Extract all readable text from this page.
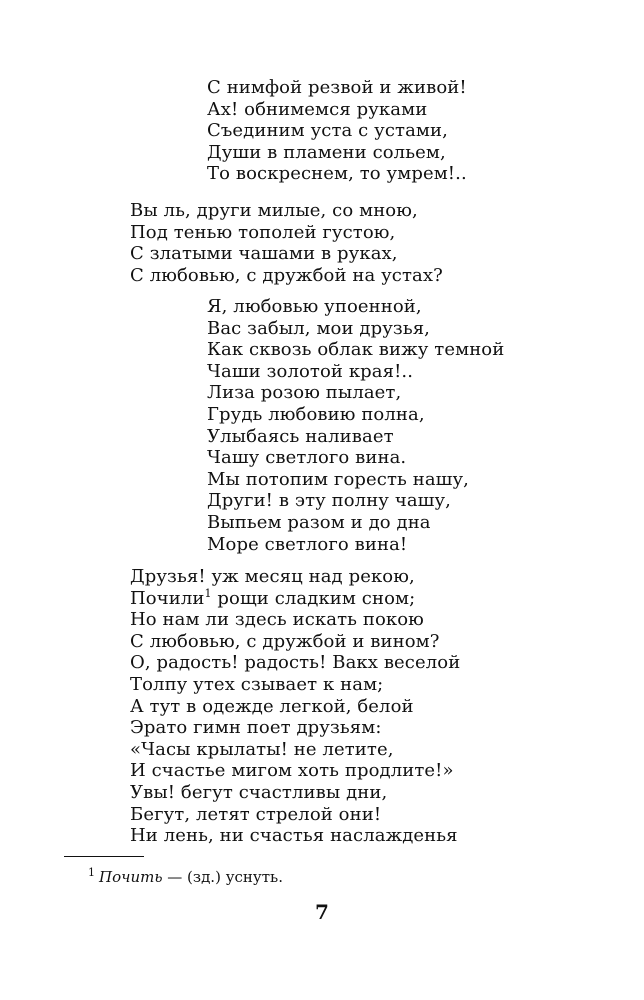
С нимфой резвой и живой!
Ах! обнимемся руками
Съединим уста с устами,
Души в пламени сольем,
То воскреснем, то умрем!..
Вы ль, други милые, со мною,
Под тенью тополей густою,
С златыми чашами в руках,
С любовью, с дружбой на устах?
Я, любовью упоенной,
Вас забыл, мои друзья,
Как сквозь облак вижу темной
Чаши золотой края!..
Лиза розою пылает,
Грудь любовию полна,
Улыбаясь наливает
Чашу светлого вина.
Мы потопим горесть нашу,
Други! в эту полну чашу,
Выпьем разом и до дна
Море светлого вина!
Друзья! уж месяц над рекою,
Почили$^1$ рощи сладким сном;
Но нам ли здесь искать покою
С любовью, с дружбой и вином?
О, радость! радость! Вакх веселой
Толпу утех сзывает к нам;
А тут в одежде легкой, белой
Эрато гимн поет друзьям:
«Часы крылаты! не летите,
И счастье мигом хоть продлите!»
Увы! бегут счастливы дни,
Бегут, летят стрелой они!
Ни лень, ни счастья наслажденья
$^1$ Почить — (зд.) уснуть.
7
